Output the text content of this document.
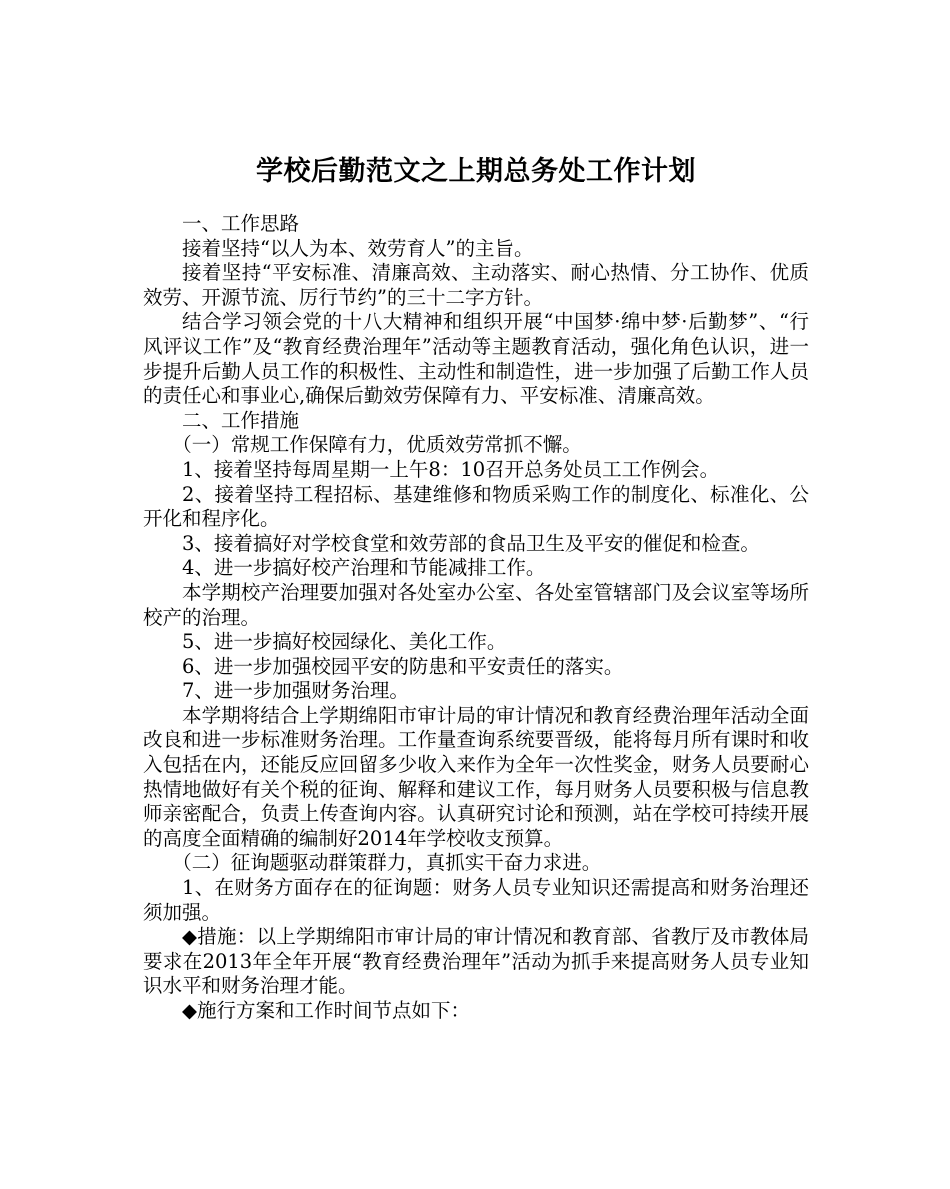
学校后勤范文之上期总务处工作计划

一、工作思路

接着坚持“以人为本、效劳育人”的主旨。

接着坚持“平安标准、清廉高效、主动落实、耐心热情、分工协作、优质效劳、开源节流、厉行节约”的三十二字方针。

结合学习领会党的十八大精神和组织开展“中国梦·绵中梦·后勤梦”、“行风评议工作”及“教育经费治理年”活动等主题教育活动，强化角色认识，进一步提升后勤人员工作的积极性、主动性和制造性，进一步加强了后勤工作人员的责任心和事业心,确保后勤效劳保障有力、平安标准、清廉高效。

二、工作措施

（一）常规工作保障有力，优质效劳常抓不懈。

1、接着坚持每周星期一上午8：10召开总务处员工工作例会。

2、接着坚持工程招标、基建维修和物质采购工作的制度化、标准化、公开化和程序化。

3、接着搞好对学校食堂和效劳部的食品卫生及平安的催促和检查。

4、进一步搞好校产治理和节能减排工作。

本学期校产治理要加强对各处室办公室、各处室管辖部门及会议室等场所校产的治理。

5、进一步搞好校园绿化、美化工作。

6、进一步加强校园平安的防患和平安责任的落实。

7、进一步加强财务治理。

本学期将结合上学期绵阳市审计局的审计情况和教育经费治理年活动全面改良和进一步标准财务治理。工作量查询系统要晋级，能将每月所有课时和收入包括在内，还能反应回留多少收入来作为全年一次性奖金，财务人员要耐心热情地做好有关个税的征询、解释和建议工作，每月财务人员要积极与信息教师亲密配合，负责上传查询内容。认真研究讨论和预测，站在学校可持续开展的高度全面精确的编制好2014年学校收支预算。

（二）征询题驱动群策群力，真抓实干奋力求进。

1、在财务方面存在的征询题：财务人员专业知识还需提高和财务治理还须加强。

◆措施：以上学期绵阳市审计局的审计情况和教育部、省教厅及市教体局要求在2013年全年开展“教育经费治理年”活动为抓手来提高财务人员专业知识水平和财务治理才能。

◆施行方案和工作时间节点如下：
